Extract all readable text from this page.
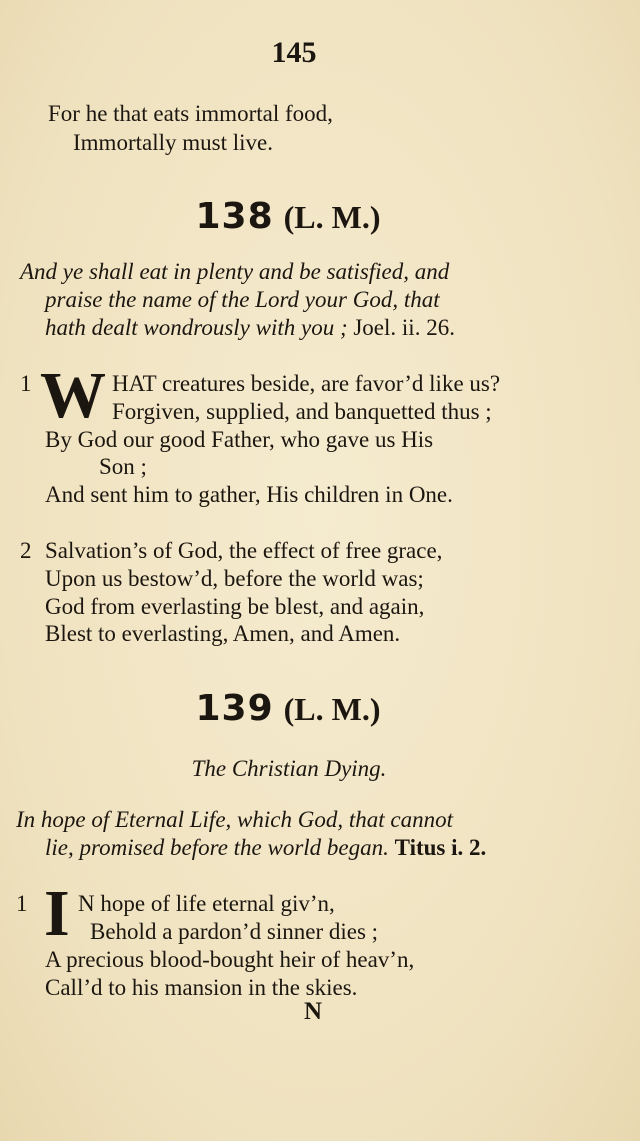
145
For he that eats immortal food,
Immortally must live.
138 (L. M.)
And ye shall eat in plenty and be satisfied, and
praise the name of the Lord your God, that
hath dealt wondrously with you ; Joel. ii. 26.
1 W HAT creatures beside, are favor’d like us?
Forgiven, supplied, and banquetted thus ;
By God our good Father, who gave us His
Son ;
And sent him to gather, His children in One.
2 Salvation’s of God, the effect of free grace,
Upon us bestow’d, before the world was;
God from everlasting be blest, and again,
Blest to everlasting, Amen, and Amen.
139 (L. M.)
The Christian Dying.
In hope of Eternal Life, which God, that cannot
lie, promised before the world began. Titus i. 2.
1 I N hope of life eternal giv’n,
Behold a pardon’d sinner dies ;
A precious blood-bought heir of heav’n,
Call’d to his mansion in the skies.
N
